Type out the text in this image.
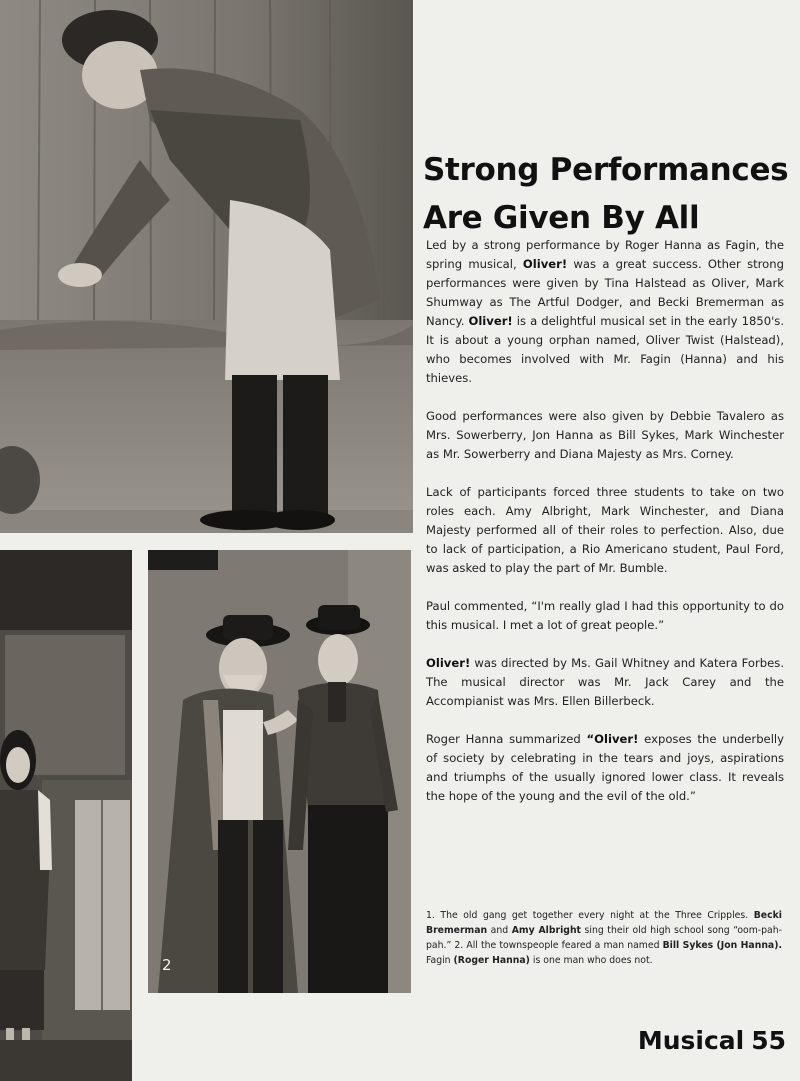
2
Strong Performances
Are Given By All

Led by a strong performance by Roger Hanna as Fagin, the spring musical, Oliver! was a great success. Other strong performances were given by Tina Halstead as Oliver, Mark Shumway as The Artful Dodger, and Becki Bremerman as Nancy. Oliver! is a delightful musical set in the early 1850's. It is about a young orphan named, Oliver Twist (Halstead), who becomes involved with Mr. Fagin (Hanna) and his thieves.

Good performances were also given by Debbie Tavalero as Mrs. Sowerberry, Jon Hanna as Bill Sykes, Mark Winchester as Mr. Sowerberry and Diana Majesty as Mrs. Corney.

Lack of participants forced three students to take on two roles each. Amy Albright, Mark Winchester, and Diana Majesty performed all of their roles to perfection. Also, due to lack of participation, a Rio Americano student, Paul Ford, was asked to play the part of Mr. Bumble.

Paul commented, “I'm really glad I had this opportunity to do this musical. I met a lot of great people.”

Oliver! was directed by Ms. Gail Whitney and Katera Forbes. The musical director was Mr. Jack Carey and the Accompianist was Mrs. Ellen Billerbeck.

Roger Hanna summarized “Oliver! exposes the underbelly of society by celebrating in the tears and joys, aspirations and triumphs of the usually ignored lower class. It reveals the hope of the young and the evil of the old.”

1. The old gang get together every night at the Three Cripples. Becki Bremerman and Amy Albright sing their old high school song “oom-pah-pah.” 2. All the townspeople feared a man named Bill Sykes (Jon Hanna). Fagin (Roger Hanna) is one man who does not.

Musical 55
